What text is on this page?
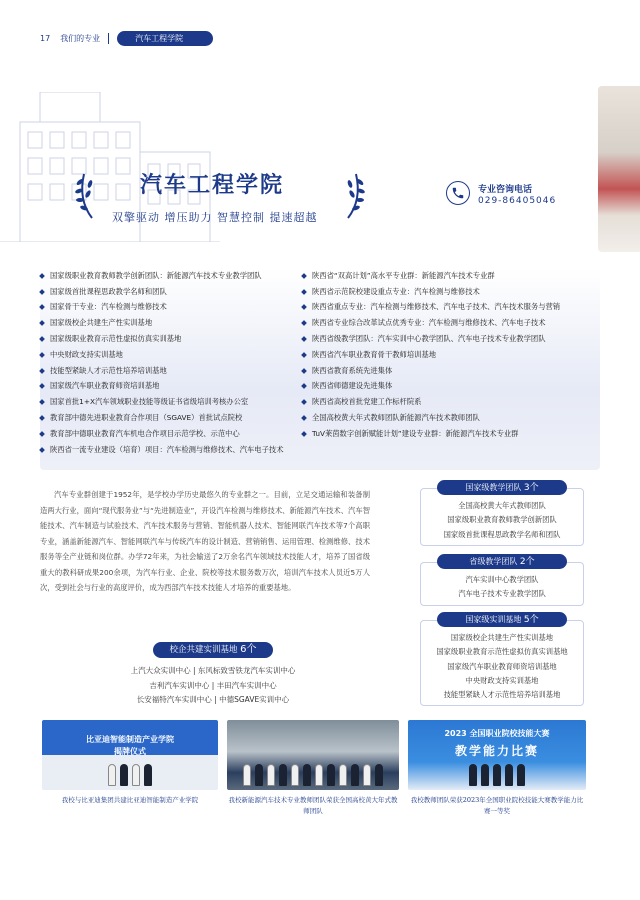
17 我们的专业	汽车工程学院
汽车工程学院
双擎驱动 增压助力 智慧控制 提速超越
专业咨询电话
029-86405046
国家级职业教育教师教学创新团队：新能源汽车技术专业教学团队
国家级首批课程思政教学名师和团队
国家骨干专业：汽车检测与维修技术
国家级校企共建生产性实训基地
国家级职业教育示范性虚拟仿真实训基地
中央财政支持实训基地
技能型紧缺人才示范性培养培训基地
国家级汽车职业教育师资培训基地
国家首批1+X汽车领域职业技能等级证书省级培训考核办公室
教育部中德先进职业教育合作项目（SGAVE）首批试点院校
教育部中德职业教育汽车机电合作项目示范学校、示范中心
陕西省一流专业建设（培育）项目：汽车检测与维修技术、汽车电子技术
陕西省“双高计划”高水平专业群：新能源汽车技术专业群
陕西省示范院校建设重点专业：汽车检测与维修技术
陕西省重点专业：汽车检测与维修技术、汽车电子技术、汽车技术服务与营销
陕西省专业综合改革试点优秀专业：汽车检测与维修技术、汽车电子技术
陕西省级教学团队：汽车实训中心教学团队、汽车电子技术专业教学团队
陕西省汽车职业教育骨干教师培训基地
陕西省教育系统先进集体
陕西省师德建设先进集体
陕西省高校首批党建工作标杆院系
全国高校黄大年式教师团队新能源汽车技术教师团队
TuV莱茵数字创新赋能计划”建设专业群：新能源汽车技术专业群

汽车专业群创建于1952年，是学校办学历史最悠久的专业群之一。目前，立足交通运输和装备制造两大行业，面向“现代服务业”与“先进制造业”，开设汽车检测与维修技术、新能源汽车技术、汽车智能技术、汽车制造与试验技术、汽车技术服务与营销、智能机器人技术、智能网联汽车技术等7个高职专业，涵盖新能源汽车、智能网联汽车与传统汽车的设计制造、营销销售、运用管理、检测维修、技术服务等全产业链和岗位群。办学72年来，为社会输送了2万余名汽车领域技术技能人才，培养了国省级重大的教科研成果200余项，为汽车行业、企业、院校等技术服务数万次，培训汽车技术人员近5万人次，受到社会与行业的高度评价，成为西部汽车技术技能人才培养的重要基地。

国家级教学团队 3个
全国高校黄大年式教师团队
国家级职业教育教师教学创新团队
国家级首批课程思政教学名师和团队
省级教学团队 2个
汽车实训中心教学团队
汽车电子技术专业教学团队
国家级实训基地 5个
国家级校企共建生产性实训基地
国家级职业教育示范性虚拟仿真实训基地
国家级汽车职业教育师资培训基地
中央财政支持实训基地
技能型紧缺人才示范性培养培训基地
校企共建实训基地 6个
上汽大众实训中心 | 东风标致雪铁龙汽车实训中心
吉利汽车实训中心 | 丰田汽车实训中心
长安福特汽车实训中心 | 中德SGAVE实训中心
比亚迪智能制造产业学院
揭牌仪式
2023 全国职业院校技能大赛
教学能力比赛
我校与比亚迪集团共建比亚迪智能制造产业学院	我校新能源汽车技术专业教师团队荣获全国高校黄大年式教师团队
我校教师团队荣获2023年全国职业院校技能大赛教学能力比赛一等奖
